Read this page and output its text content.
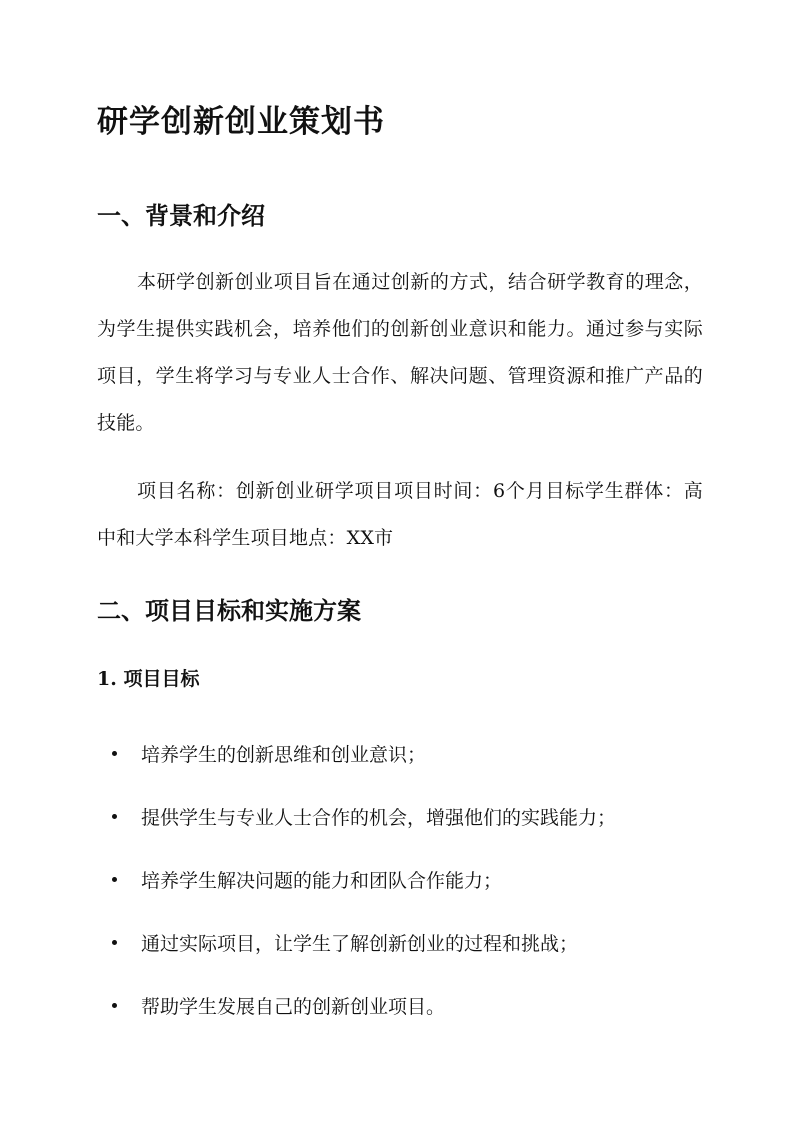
研学创新创业策划书
一、背景和介绍
本研学创新创业项目旨在通过创新的方式，结合研学教育的理念，为学生提供实践机会，培养他们的创新创业意识和能力。通过参与实际项目，学生将学习与专业人士合作、解决问题、管理资源和推广产品的技能。
项目名称：创新创业研学项目项目时间：6个月目标学生群体：高中和大学本科学生项目地点：XX市
二、项目目标和实施方案
1. 项目目标
培养学生的创新思维和创业意识；
提供学生与专业人士合作的机会，增强他们的实践能力；
培养学生解决问题的能力和团队合作能力；
通过实际项目，让学生了解创新创业的过程和挑战；
帮助学生发展自己的创新创业项目。
